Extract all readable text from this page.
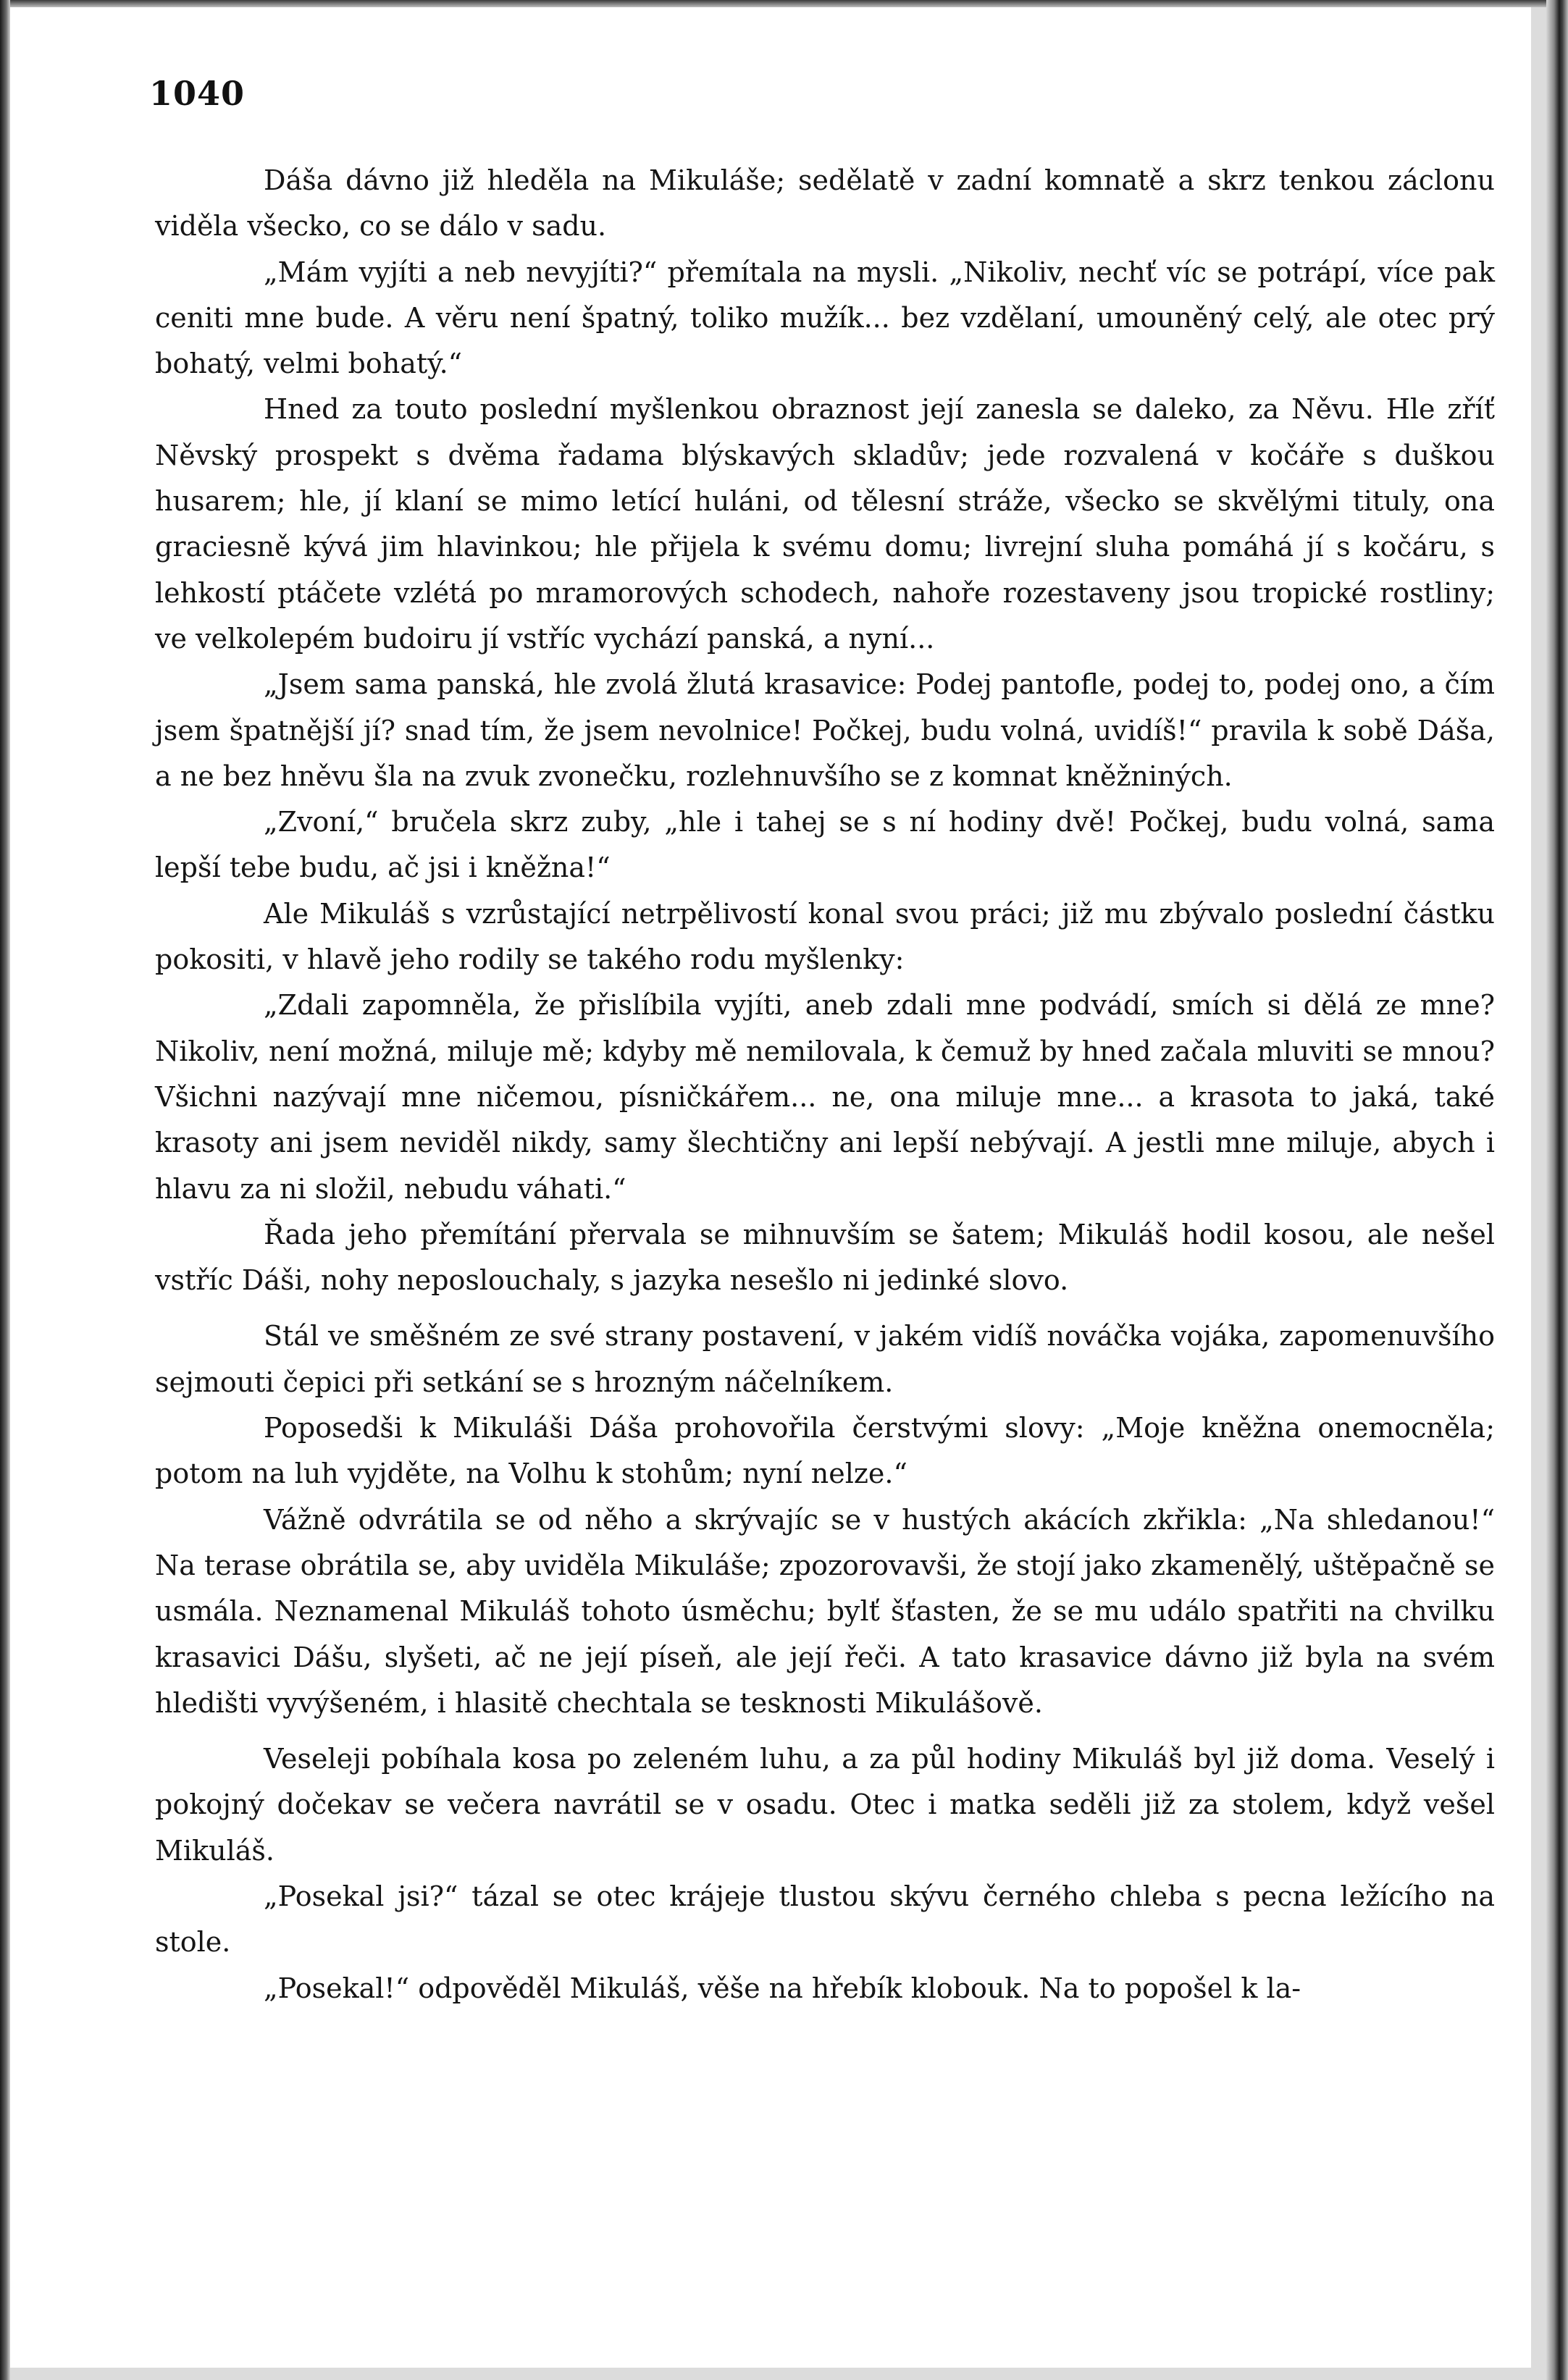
1040

Dáša dávno již hleděla na Mikuláše; sedělatě v zadní komnatě a skrz tenkou záclonu viděla všecko, co se dálo v sadu.

„Mám vyjíti a neb nevyjíti?“ přemítala na mysli. „Nikoliv, nechť víc se potrápí, více pak ceniti mne bude. A věru není špatný, toliko mužík... bez vzdělaní, umouněný celý, ale otec prý bohatý, velmi bohatý.“

Hned za touto poslední myšlenkou obraznost její zanesla se daleko, za Něvu. Hle zříť Něvský prospekt s dvěma řadama blýskavých skladův; jede rozvalená v kočáře s duškou husarem; hle, jí klaní se mimo letící huláni, od tělesní stráže, všecko se skvělými tituly, ona graciesně kývá jim hlavinkou; hle přijela k svému domu; livrejní sluha pomáhá jí s kočáru, s lehkostí ptáčete vzlétá po mramorových schodech, nahoře rozestaveny jsou tropické rostliny; ve velkolepém budoiru jí vstříc vychází panská, a nyní...

„Jsem sama panská, hle zvolá žlutá krasavice: Podej pantofle, podej to, podej ono, a čím jsem špatnější jí? snad tím, že jsem nevolnice! Počkej, budu volná, uvidíš!“ pravila k sobě Dáša, a ne bez hněvu šla na zvuk zvonečku, rozlehnuvšího se z komnat kněžniných.

„Zvoní,“ bručela skrz zuby, „hle i tahej se s ní hodiny dvě! Počkej, budu volná, sama lepší tebe budu, ač jsi i kněžna!“

Ale Mikuláš s vzrůstající netrpělivostí konal svou práci; již mu zbývalo poslední částku pokositi, v hlavě jeho rodily se takého rodu myšlenky:

„Zdali zapomněla, že přislíbila vyjíti, aneb zdali mne podvádí, smích si dělá ze mne? Nikoliv, není možná, miluje mě; kdyby mě nemilovala, k čemuž by hned začala mluviti se mnou? Všichni nazývají mne ničemou, písničkářem... ne, ona miluje mne... a krasota to jaká, také krasoty ani jsem neviděl nikdy, samy šlechtičny ani lepší nebývají. A jestli mne miluje, abych i hlavu za ni složil, nebudu váhati.“

Řada jeho přemítání přervala se mihnuvším se šatem; Mikuláš hodil kosou, ale nešel vstříc Dáši, nohy neposlouchaly, s jazyka nesešlo ni jedinké slovo.

Stál ve směšném ze své strany postavení, v jakém vidíš nováčka vojáka, zapomenuvšího sejmouti čepici při setkání se s hrozným náčelníkem.

Poposedši k Mikuláši Dáša prohovořila čerstvými slovy: „Moje kněžna onemocněla; potom na luh vyjděte, na Volhu k stohům; nyní nelze.“

Vážně odvrátila se od něho a skrývajíc se v hustých akácích zkřikla: „Na shledanou!“ Na terase obrátila se, aby uviděla Mikuláše; zpozorovavši, že stojí jako zkamenělý, uštěpačně se usmála. Neznamenal Mikuláš tohoto úsměchu; bylť šťasten, že se mu událo spatřiti na chvilku krasavici Dášu, slyšeti, ač ne její píseň, ale její řeči. A tato krasavice dávno již byla na svém hledišti vyvýšeném, i hlasitě chechtala se tesknosti Mikulášově.

Veseleji pobíhala kosa po zeleném luhu, a za půl hodiny Mikuláš byl již doma. Veselý i pokojný dočekav se večera navrátil se v osadu. Otec i matka seděli již za stolem, když vešel Mikuláš.

„Posekal jsi?“ tázal se otec krájeje tlustou skývu černého chleba s pecna ležícího na stole.

„Posekal!“ odpověděl Mikuláš, věše na hřebík klobouk. Na to popošel k la-
